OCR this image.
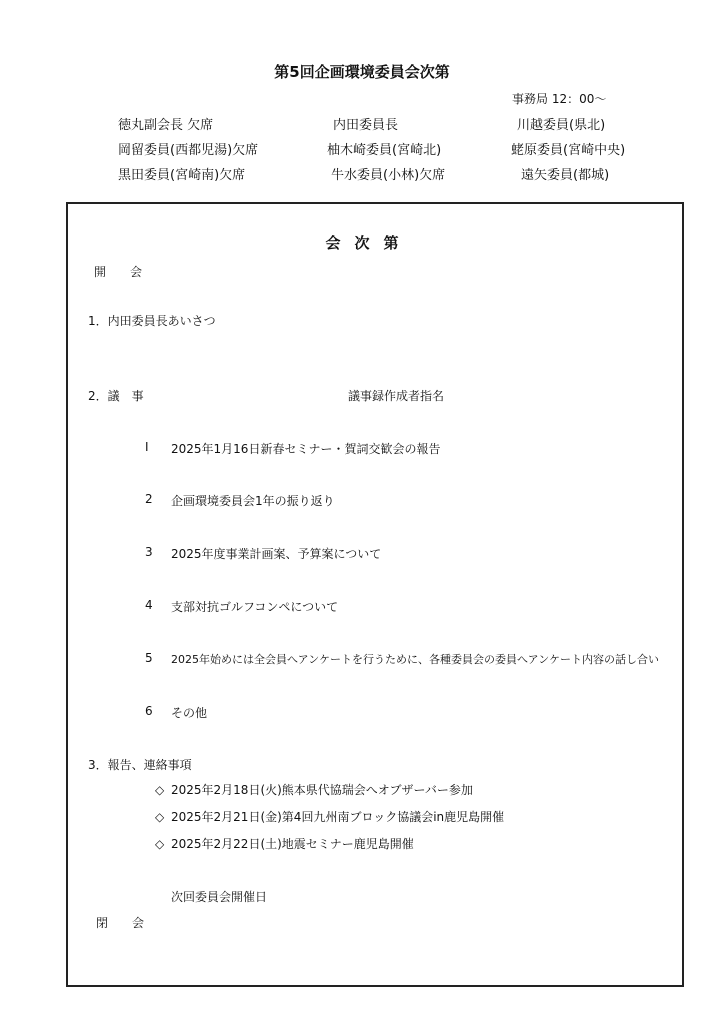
第5回企画環境委員会次第
事務局 12：00～
徳丸副会長 欠席	内田委員長	川越委員(県北)
岡留委員(西都児湯)欠席	柚木崎委員(宮崎北)	蛯原委員(宮崎中央)
黒田委員(宮崎南)欠席	牛水委員(小林)欠席	遠矢委員(都城)
会次第
開　　会
1．内田委員長あいさつ
2．議　事	議事録作成者指名
Ⅰ 2025年1月16日新春セミナー・賀詞交歓会の報告
2 企画環境委員会1年の振り返り
3 2025年度事業計画案、予算案について
4 支部対抗ゴルフコンペについて
5 2025年始めには全会員へアンケートを行うために、各種委員会の委員へアンケート内容の話し合い
6 その他
3．報告、連絡事項
◇ 2025年2月18日(火)熊本県代協瑞会へオブザーバー参加
◇ 2025年2月21日(金)第4回九州南ブロック協議会in鹿児島開催
◇ 2025年2月22日(土)地震セミナー鹿児島開催
次回委員会開催日
閉　　会
